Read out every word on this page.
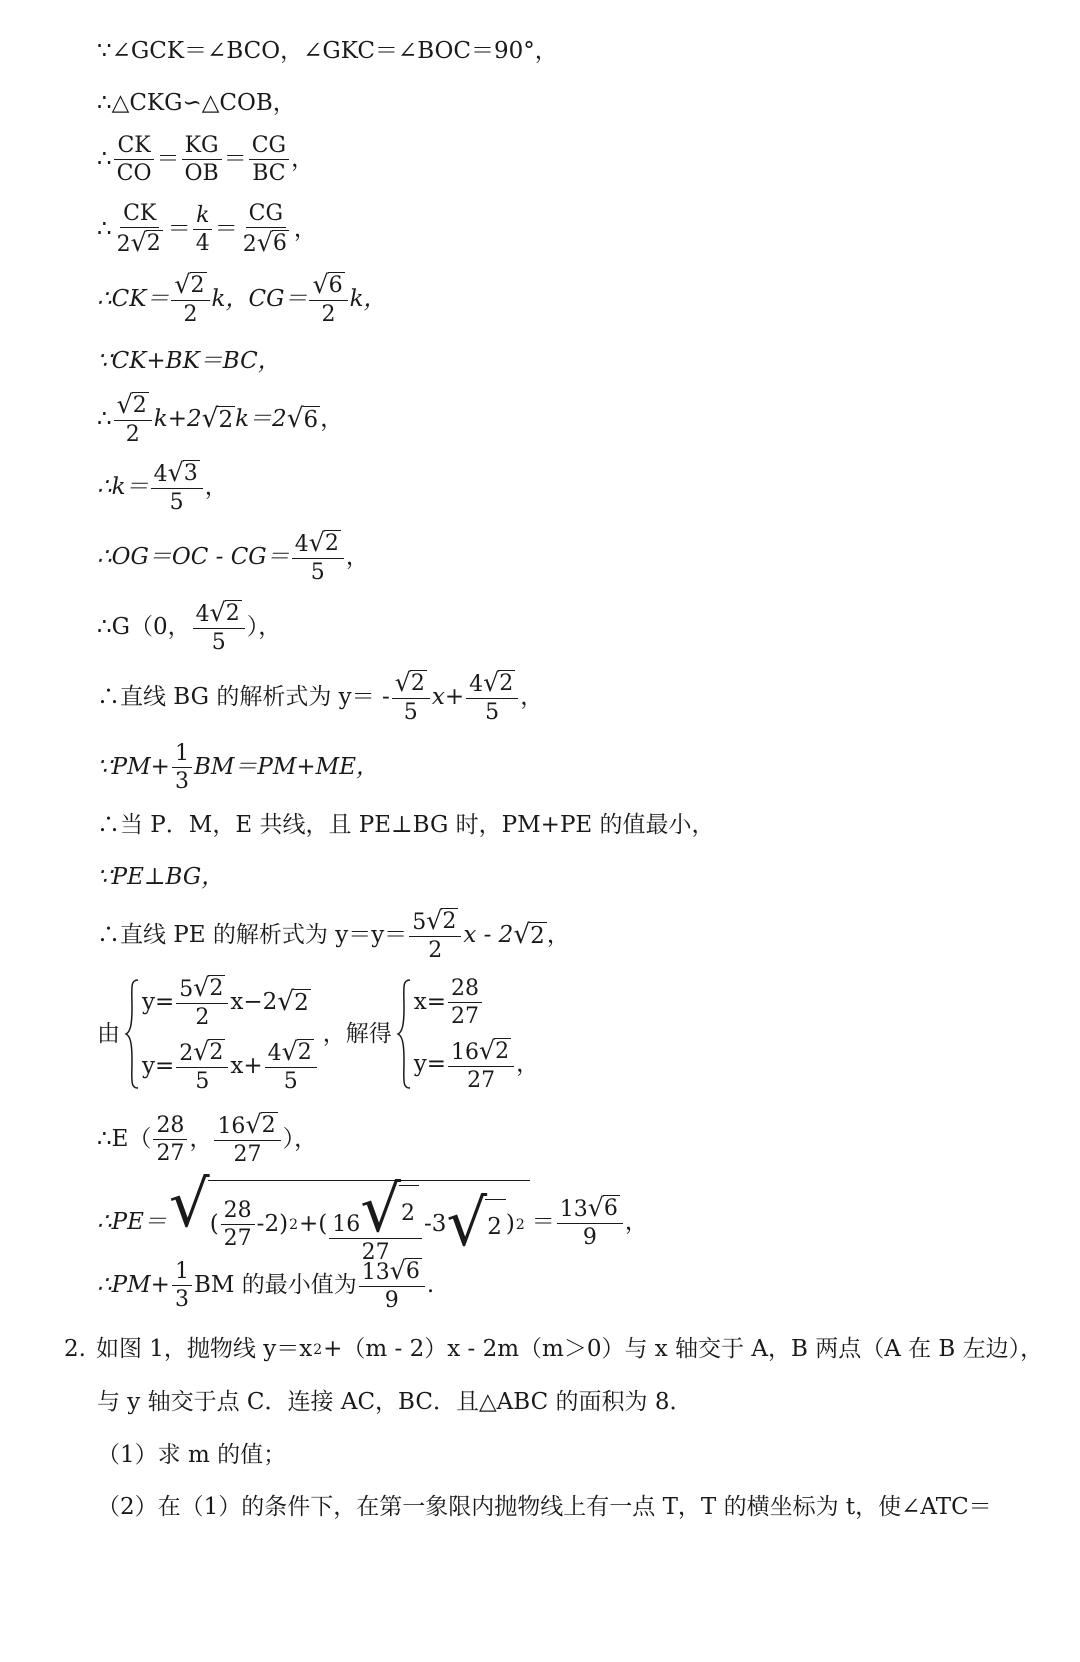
∵∠GCK＝∠BCO，∠GKC＝∠BOC＝90°，
∴△CKG∽△COB，
∴ $\frac{CK}{CO} = \frac{KG}{OB} = \frac{CG}{BC}$ ，
∴ $\frac{CK}{2 √ 2} = \frac{k}{4} = \frac{CG}{2 √ 6}$ ，
∴CK＝ $\frac{√ 2}{2}$ k，$CG= \frac{√ 6}{2}$ k，
∵CK+BK＝BC，
∴ $\frac{√ 2}{2} k+2$ √ 2 k＝2 √ 6 ，
∴k＝ $\frac{4 √ 3}{5}$ ，
∴OG＝OC - $CG= \frac{4 √ 2}{5}$ ，
∴G（0， $\frac{4 √ 2}{5}$ ），
∴直线 BG 的解析式为 $y= - \frac{√ 2}{5} x+ \frac{4 √ 2}{5}$ ，
∵PM+ $\frac{1}{3} BM=PM+ME$，
∴当 P．M，E 共线，且 PE⊥BG 时，PM+PE 的值最小，
∵PE⊥BG，
∴直线 PE 的解析式为 $y=y= \frac{5 √ 2}{2}$ x - 2 √ 2 ，
由
$y= \frac{5 √ 2}{2} x-2$ √ 2
$y= \frac{2 √ 2}{5} x+ \frac{4 √ 2}{5}$
，解得
$x= \frac{28}{27}$
$y= \frac{16 √ 2}{27}$ ，
∴E（ $\frac{28}{27}$ ， $\frac{16 √ 2}{27}$ ），
∴PE＝ √ ( $\frac{28}{27} -2$) 2 +( $\frac{16 √ 2}{27} -3$ √ 2 ) $2 = \frac{13 √ 6}{9}$ ，
∴PM+ $\frac{1}{3}$ BM 的最小值为 $\frac{13 √ 6}{9}$ .
2. 如图 1，抛物线 y＝x 2 +（m - 2）x - 2m（m＞0）与 x 轴交于 A，B 两点（A 在 B 左边），
与 y 轴交于点 C．连接 AC，BC．且△ABC 的面积为 8．
（1）求 m 的值；
（2）在（1）的条件下，在第一象限内抛物线上有一点 T，T 的横坐标为 t，使∠ATC＝
